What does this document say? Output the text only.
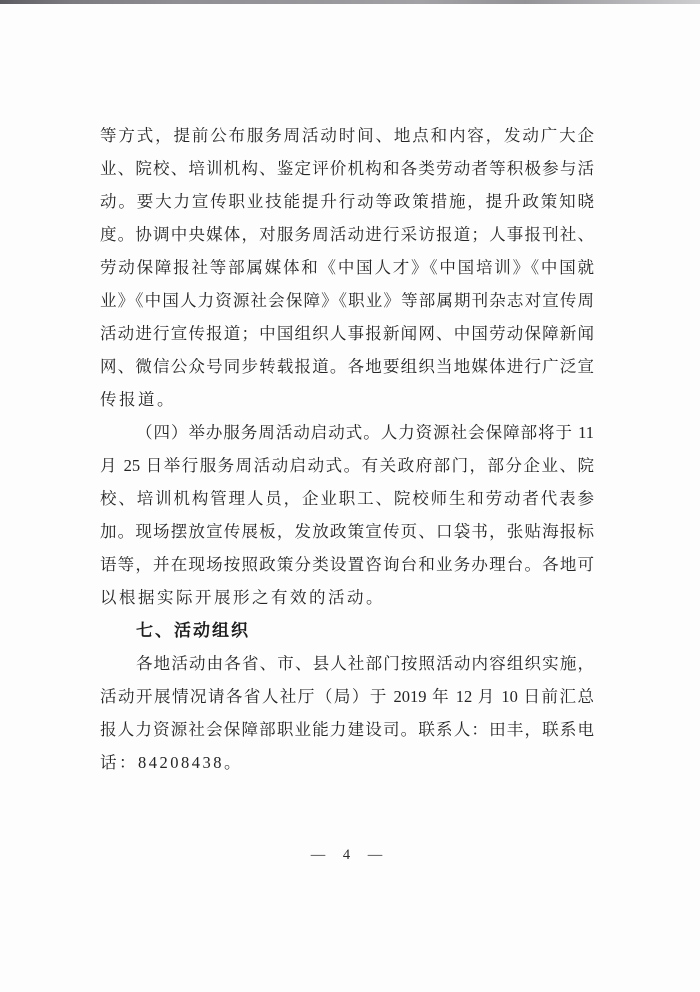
等方式，提前公布服务周活动时间、地点和内容，发动广大企
业、院校、培训机构、鉴定评价机构和各类劳动者等积极参与活
动。要大力宣传职业技能提升行动等政策措施，提升政策知晓
度。协调中央媒体，对服务周活动进行采访报道；人事报刊社、
劳动保障报社等部属媒体和《中国人才》《中国培训》《中国就
业》《中国人力资源社会保障》《职业》等部属期刊杂志对宣传周
活动进行宣传报道；中国组织人事报新闻网、中国劳动保障新闻
网、微信公众号同步转载报道。各地要组织当地媒体进行广泛宣
传报道。
（四）举办服务周活动启动式。人力资源社会保障部将于 11
月 25 日举行服务周活动启动式。有关政府部门，部分企业、院
校、培训机构管理人员，企业职工、院校师生和劳动者代表参
加。现场摆放宣传展板，发放政策宣传页、口袋书，张贴海报标
语等，并在现场按照政策分类设置咨询台和业务办理台。各地可
以根据实际开展形之有效的活动。
七、活动组织
各地活动由各省、市、县人社部门按照活动内容组织实施，
活动开展情况请各省人社厅（局）于 2019 年 12 月 10 日前汇总
报人力资源社会保障部职业能力建设司。联系人：田丰，联系电
话：84208438。
— 4 —
